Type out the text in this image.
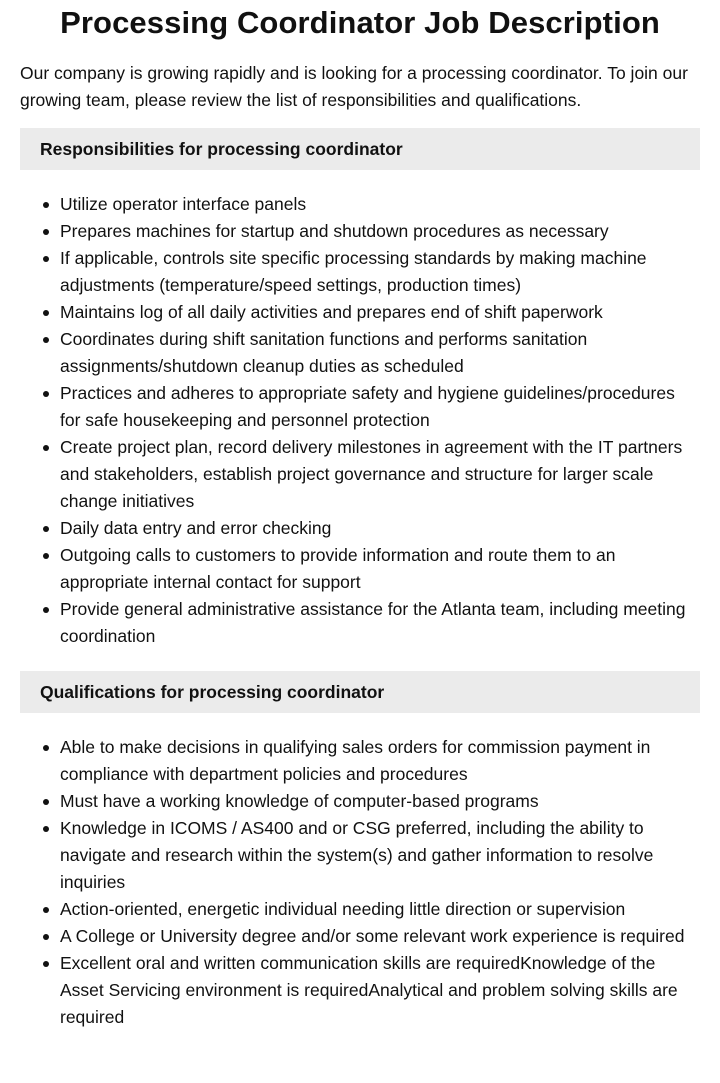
Processing Coordinator Job Description

Our company is growing rapidly and is looking for a processing coordinator. To join our growing team, please review the list of responsibilities and qualifications.

Responsibilities for processing coordinator
Utilize operator interface panels
Prepares machines for startup and shutdown procedures as necessary
If applicable, controls site specific processing standards by making machine adjustments (temperature/speed settings, production times)
Maintains log of all daily activities and prepares end of shift paperwork
Coordinates during shift sanitation functions and performs sanitation assignments/shutdown cleanup duties as scheduled
Practices and adheres to appropriate safety and hygiene guidelines/procedures for safe housekeeping and personnel protection
Create project plan, record delivery milestones in agreement with the IT partners and stakeholders, establish project governance and structure for larger scale change initiatives
Daily data entry and error checking
Outgoing calls to customers to provide information and route them to an appropriate internal contact for support
Provide general administrative assistance for the Atlanta team, including meeting coordination
Qualifications for processing coordinator
Able to make decisions in qualifying sales orders for commission payment in compliance with department policies and procedures
Must have a working knowledge of computer-based programs
Knowledge in ICOMS / AS400 and or CSG preferred, including the ability to navigate and research within the system(s) and gather information to resolve inquiries
Action-oriented, energetic individual needing little direction or supervision
A College or University degree and/or some relevant work experience is required
Excellent oral and written communication skills are requiredKnowledge of the Asset Servicing environment is requiredAnalytical and problem solving skills are required
